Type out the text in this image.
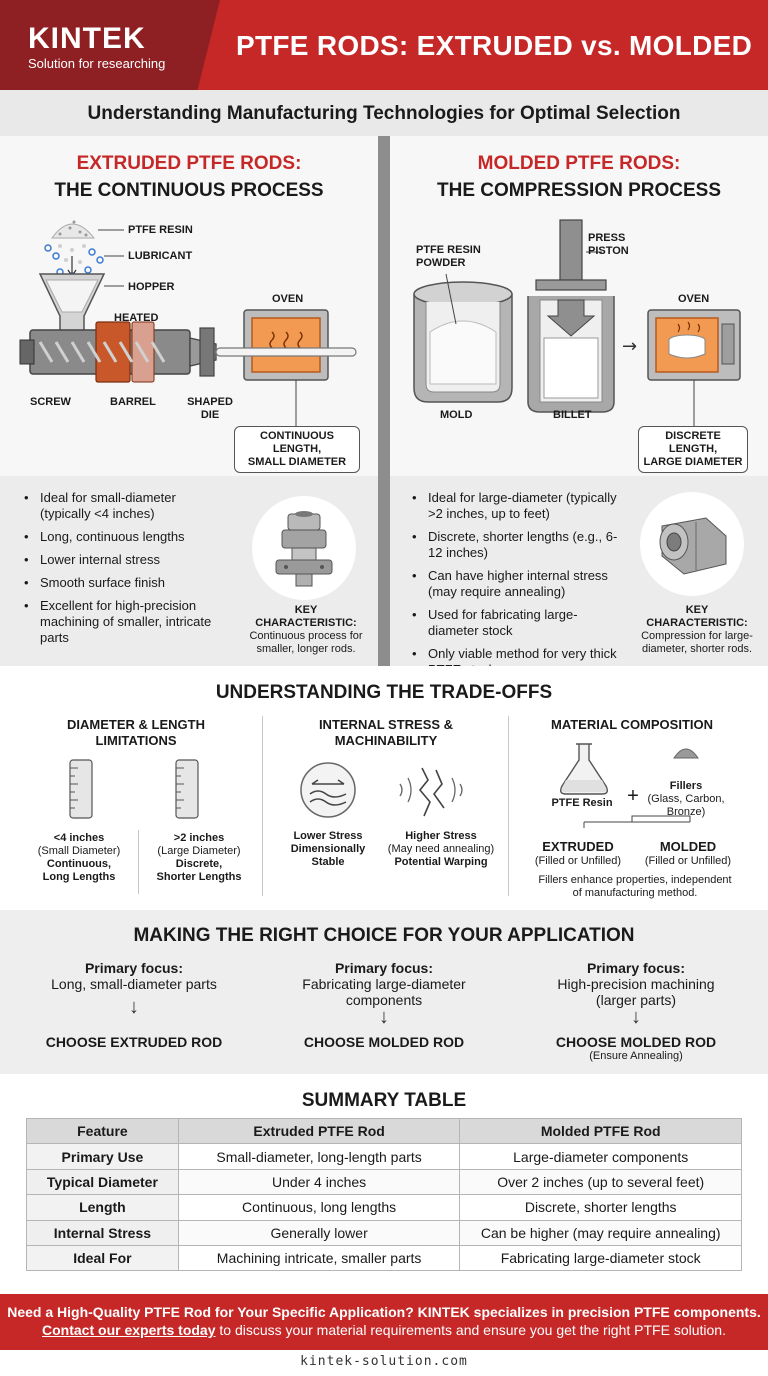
KINTEK
Solution for researching
PTFE RODS: EXTRUDED vs. MOLDED
Understanding Manufacturing Technologies for Optimal Selection
EXTRUDED PTFE RODS:
THE CONTINUOUS PROCESS
PTFE RESIN
LUBRICANT
HOPPER
HEATED
OVEN
SCREW	BARREL	SHAPED
DIE
CONTINUOUS LENGTH,
SMALL DIAMETER
MOLDED PTFE RODS:
THE COMPRESSION PROCESS
→
PTFE RESIN
POWDER
PRESS
PISTON
OVEN
MOLD	BILLET
DISCRETE LENGTH,
LARGE DIAMETER
• Ideal for small-diameter (typically <4 inches)
• Long, continuous lengths
• Lower internal stress
• Smooth surface finish
• Excellent for high-precision machining of smaller, intricate parts
KEY CHARACTERISTIC:
Continuous process for smaller, longer rods.
• Ideal for large-diameter (typically >2 inches, up to feet)
• Discrete, shorter lengths (e.g., 6-12 inches)
• Can have higher internal stress (may require annealing)
• Used for fabricating large-diameter stock
• Only viable method for very thick
KEY CHARACTERISTIC:
Compression for large-diameter, shorter rods.
UNDERSTANDING THE TRADE-OFFS
DIAMETER & LENGTH LIMITATIONS
<4 inches
(Small Diameter)
Continuous,
Long Lengths
>2 inches
(Large Diameter)
Discrete,
Shorter Lengths
INTERNAL STRESS & MACHINABILITY
Lower Stress
Dimensionally
Stable
Higher Stress
(May need annealing)
Potential Warping
MATERIAL COMPOSITION
+
PTFE Resin
Fillers
(Glass, Carbon,
Bronze)
EXTRUDED
(Filled or Unfilled)
MOLDED
(Filled or Unfilled)
Fillers enhance properties, independent
of manufacturing method.
MAKING THE RIGHT CHOICE FOR YOUR APPLICATION
Primary focus:
Long, small-diameter parts
↓
CHOOSE EXTRUDED ROD
Primary focus:
Fabricating large-diameter
components
↓
CHOOSE MOLDED ROD
Primary focus:
High-precision machining
(larger parts)
↓
CHOOSE MOLDED ROD
(Ensure Annealing)
SUMMARY TABLE
Feature	Extruded PTFE Rod	Molded PTFE Rod
Primary Use	Small-diameter, long-length parts	Large-diameter components
Typical Diameter	Under 4 inches	Over 2 inches (up to several feet)
Length	Continuous, long lengths	Discrete, shorter lengths
Internal Stress	Generally lower	Can be higher (may require annealing)
Ideal For	Machining intricate, smaller parts	Fabricating large-diameter stock
Need a High-Quality PTFE Rod for Your Specific Application? KINTEK specializes in precision PTFE components.
Contact our experts today to discuss your material requirements and ensure you get the right PTFE solution.
kintek-solution.com
